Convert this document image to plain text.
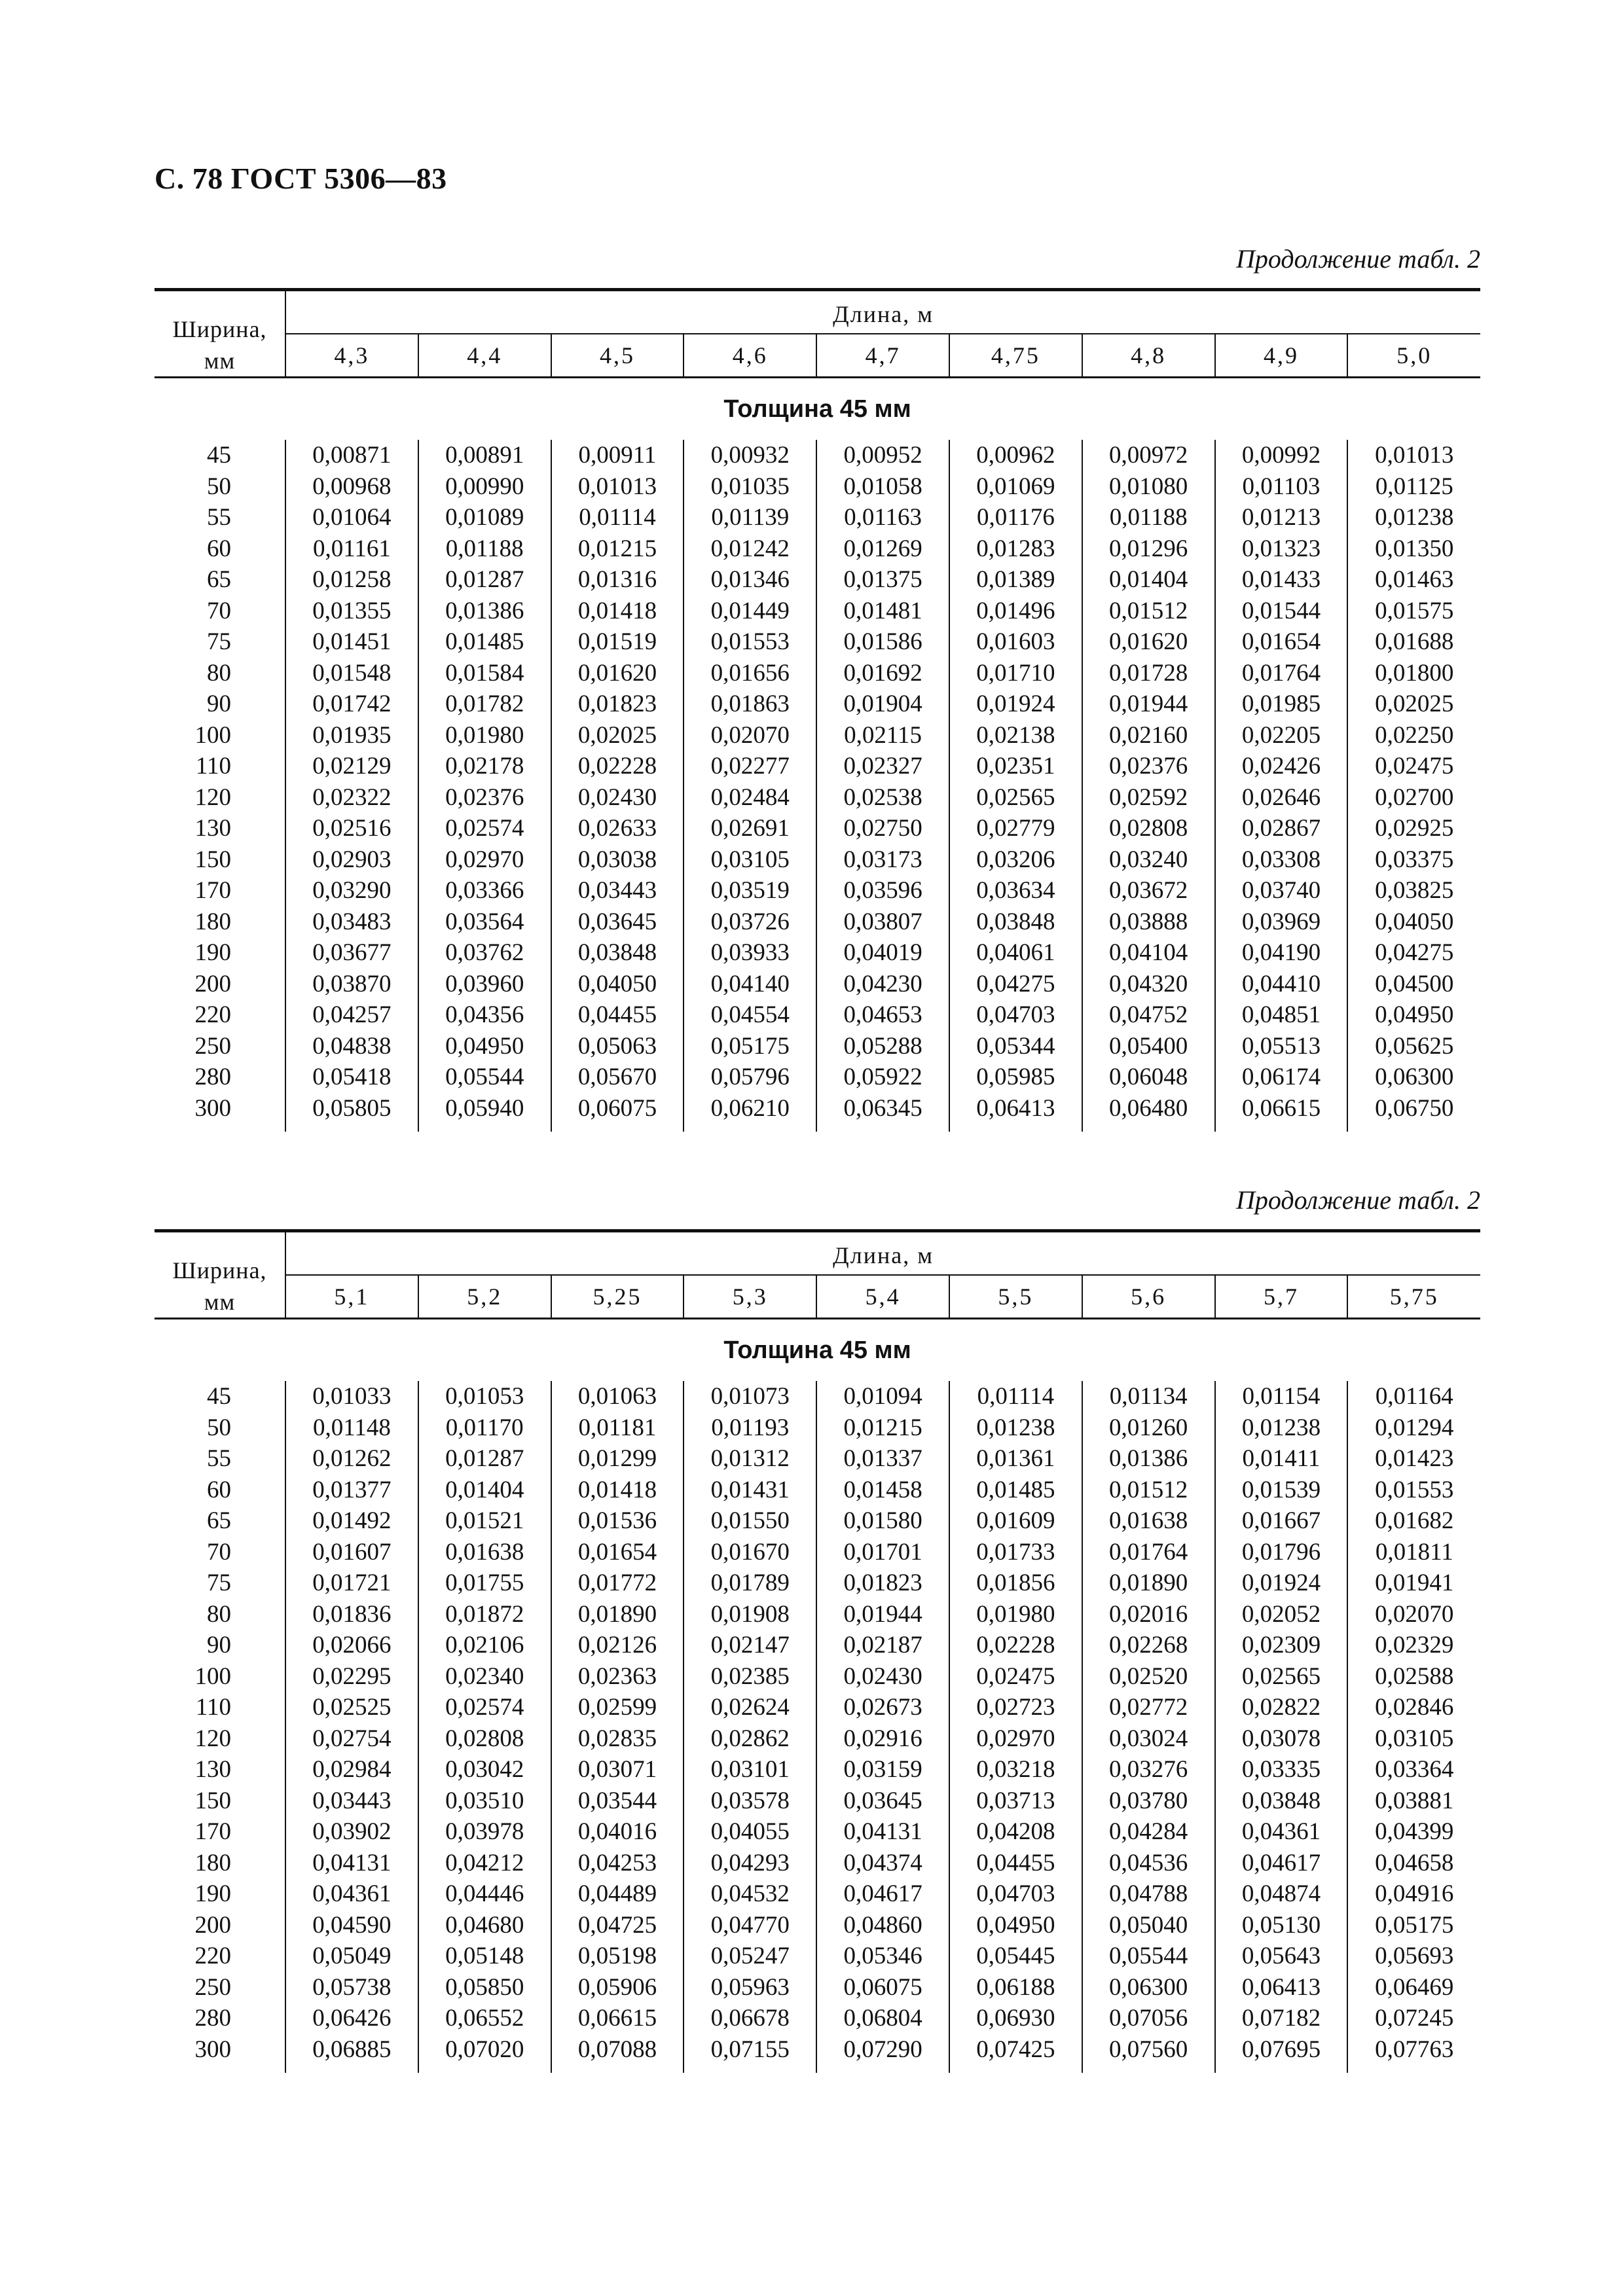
С. 78 ГОСТ 5306—83
Продолжение табл. 2

Ширина, мм	Длина, м								
	4,3	4,4	4,5	4,6	4,7	4,75	4,8	4,9	5,0
Толщина 45 мм									
45	0,00871	0,00891	0,00911	0,00932	0,00952	0,00962	0,00972	0,00992	0,01013
50	0,00968	0,00990	0,01013	0,01035	0,01058	0,01069	0,01080	0,01103	0,01125
55	0,01064	0,01089	0,01114	0,01139	0,01163	0,01176	0,01188	0,01213	0,01238
60	0,01161	0,01188	0,01215	0,01242	0,01269	0,01283	0,01296	0,01323	0,01350
65	0,01258	0,01287	0,01316	0,01346	0,01375	0,01389	0,01404	0,01433	0,01463
70	0,01355	0,01386	0,01418	0,01449	0,01481	0,01496	0,01512	0,01544	0,01575
75	0,01451	0,01485	0,01519	0,01553	0,01586	0,01603	0,01620	0,01654	0,01688
80	0,01548	0,01584	0,01620	0,01656	0,01692	0,01710	0,01728	0,01764	0,01800
90	0,01742	0,01782	0,01823	0,01863	0,01904	0,01924	0,01944	0,01985	0,02025
100	0,01935	0,01980	0,02025	0,02070	0,02115	0,02138	0,02160	0,02205	0,02250
110	0,02129	0,02178	0,02228	0,02277	0,02327	0,02351	0,02376	0,02426	0,02475
120	0,02322	0,02376	0,02430	0,02484	0,02538	0,02565	0,02592	0,02646	0,02700
130	0,02516	0,02574	0,02633	0,02691	0,02750	0,02779	0,02808	0,02867	0,02925
150	0,02903	0,02970	0,03038	0,03105	0,03173	0,03206	0,03240	0,03308	0,03375
170	0,03290	0,03366	0,03443	0,03519	0,03596	0,03634	0,03672	0,03740	0,03825
180	0,03483	0,03564	0,03645	0,03726	0,03807	0,03848	0,03888	0,03969	0,04050
190	0,03677	0,03762	0,03848	0,03933	0,04019	0,04061	0,04104	0,04190	0,04275
200	0,03870	0,03960	0,04050	0,04140	0,04230	0,04275	0,04320	0,04410	0,04500
220	0,04257	0,04356	0,04455	0,04554	0,04653	0,04703	0,04752	0,04851	0,04950
250	0,04838	0,04950	0,05063	0,05175	0,05288	0,05344	0,05400	0,05513	0,05625
280	0,05418	0,05544	0,05670	0,05796	0,05922	0,05985	0,06048	0,06174	0,06300
300	0,05805	0,05940	0,06075	0,06210	0,06345	0,06413	0,06480	0,06615	0,06750
Продолжение табл. 2

Ширина, мм	Длина, м								
	5,1	5,2	5,25	5,3	5,4	5,5	5,6	5,7	5,75
Толщина 45 мм									
45	0,01033	0,01053	0,01063	0,01073	0,01094	0,01114	0,01134	0,01154	0,01164
50	0,01148	0,01170	0,01181	0,01193	0,01215	0,01238	0,01260	0,01238	0,01294
55	0,01262	0,01287	0,01299	0,01312	0,01337	0,01361	0,01386	0,01411	0,01423
60	0,01377	0,01404	0,01418	0,01431	0,01458	0,01485	0,01512	0,01539	0,01553
65	0,01492	0,01521	0,01536	0,01550	0,01580	0,01609	0,01638	0,01667	0,01682
70	0,01607	0,01638	0,01654	0,01670	0,01701	0,01733	0,01764	0,01796	0,01811
75	0,01721	0,01755	0,01772	0,01789	0,01823	0,01856	0,01890	0,01924	0,01941
80	0,01836	0,01872	0,01890	0,01908	0,01944	0,01980	0,02016	0,02052	0,02070
90	0,02066	0,02106	0,02126	0,02147	0,02187	0,02228	0,02268	0,02309	0,02329
100	0,02295	0,02340	0,02363	0,02385	0,02430	0,02475	0,02520	0,02565	0,02588
110	0,02525	0,02574	0,02599	0,02624	0,02673	0,02723	0,02772	0,02822	0,02846
120	0,02754	0,02808	0,02835	0,02862	0,02916	0,02970	0,03024	0,03078	0,03105
130	0,02984	0,03042	0,03071	0,03101	0,03159	0,03218	0,03276	0,03335	0,03364
150	0,03443	0,03510	0,03544	0,03578	0,03645	0,03713	0,03780	0,03848	0,03881
170	0,03902	0,03978	0,04016	0,04055	0,04131	0,04208	0,04284	0,04361	0,04399
180	0,04131	0,04212	0,04253	0,04293	0,04374	0,04455	0,04536	0,04617	0,04658
190	0,04361	0,04446	0,04489	0,04532	0,04617	0,04703	0,04788	0,04874	0,04916
200	0,04590	0,04680	0,04725	0,04770	0,04860	0,04950	0,05040	0,05130	0,05175
220	0,05049	0,05148	0,05198	0,05247	0,05346	0,05445	0,05544	0,05643	0,05693
250	0,05738	0,05850	0,05906	0,05963	0,06075	0,06188	0,06300	0,06413	0,06469
280	0,06426	0,06552	0,06615	0,06678	0,06804	0,06930	0,07056	0,07182	0,07245
300	0,06885	0,07020	0,07088	0,07155	0,07290	0,07425	0,07560	0,07695	0,07763
